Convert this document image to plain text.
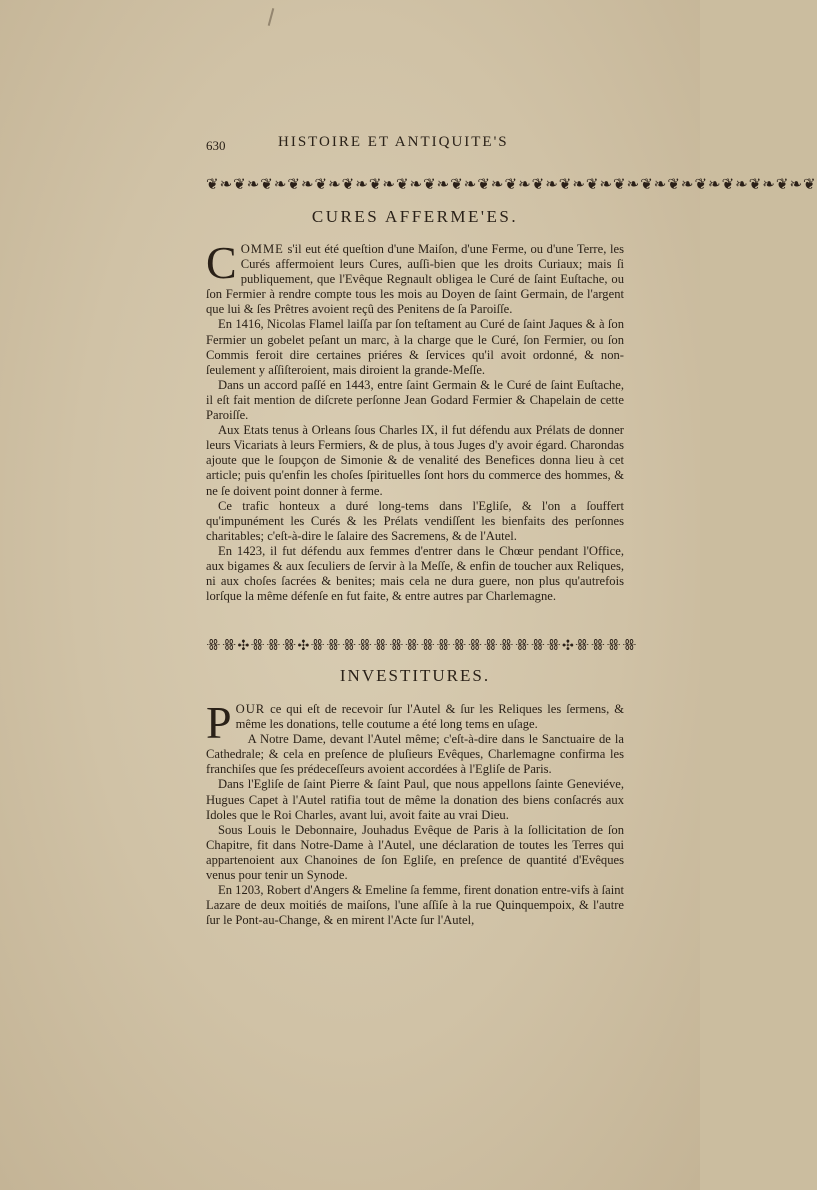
630	HISTOIRE ET ANTIQUITE'S
❦❧❦❧❦❧❦❧❦❧❦❧❦❧❦❧❦❧❦❧❦❧❦❧❦❧❦❧❦❧❦❧❦❧❦❧❦❧❦❧❦❧❦❧❦
CURES AFFERME'ES.

COMME s'il eut été queſtion d'une Maiſon, d'une Ferme, ou d'une Terre, les Curés affermoient leurs Cures, auſſi-bien que les droits Curiaux; mais ſi publiquement, que l'Evêque Regnault obligea le Curé de ſaint Euſtache, ou ſon Fermier à rendre compte tous les mois au Doyen de ſaint Germain, de l'argent que lui & ſes Prêtres avoient reçû des Penitens de ſa Paroiſſe.

En 1416, Nicolas Flamel laiſſa par ſon teſtament au Curé de ſaint Jaques & à ſon Fermier un gobelet peſant un marc, à la charge que le Curé, ſon Fermier, ou ſon Commis feroit dire certaines priéres & ſervices qu'il avoit ordonné, & non-ſeulement y aſſiſteroient, mais diroient la grande-Meſſe.

Dans un accord paſſé en 1443, entre ſaint Germain & le Curé de ſaint Euſtache, il eſt fait mention de diſcrete perſonne Jean Godard Fermier & Chapelain de cette Paroiſſe.

Aux Etats tenus à Orleans ſous Charles IX, il fut défendu aux Prélats de donner leurs Vicariats à leurs Fermiers, & de plus, à tous Juges d'y avoir égard. Charondas ajoute que le ſoupçon de Simonie & de venalité des Benefices donna lieu à cet article; puis qu'enfin les choſes ſpirituelles ſont hors du commerce des hommes, & ne ſe doivent point donner à ferme.

Ce trafic honteux a duré long-tems dans l'Egliſe, & l'on a ſouffert qu'impunément les Curés & les Prélats vendiſſent les bienfaits des perſonnes charitables; c'eſt-à-dire le ſalaire des Sacremens, & de l'Autel.

En 1423, il fut défendu aux femmes d'entrer dans le Chœur pendant l'Office, aux bigames & aux ſeculiers de ſervir à la Meſſe, & enfin de toucher aux Reliques, ni aux choſes ſacrées & benites; mais cela ne dura guere, non plus qu'autrefois lorſque la même défenſe en fut faite, & entre autres par Charlemagne.

ꗥꗥ✣ꗥꗥꗥ✣ꗥꗥꗥꗥꗥꗥꗥꗥꗥꗥꗥꗥꗥꗥꗥꗥ✣ꗥꗥꗥꗥ
INVESTITURES.

POUR ce qui eſt de recevoir ſur l'Autel & ſur les Reliques les ſermens, & même les donations, telle coutume a été long tems en uſage.

A Notre Dame, devant l'Autel même; c'eſt-à-dire dans le Sanctuaire de la Cathedrale; & cela en preſence de pluſieurs Evêques, Charlemagne confirma les franchiſes que ſes prédeceſſeurs avoient accordées à l'Egliſe de Paris.

Dans l'Egliſe de ſaint Pierre & ſaint Paul, que nous appellons ſainte Geneviéve, Hugues Capet à l'Autel ratifia tout de même la donation des biens conſacrés aux Idoles que le Roi Charles, avant lui, avoit faite au vrai Dieu.

Sous Louis le Debonnaire, Jouhadus Evêque de Paris à la ſollicitation de ſon Chapitre, fit dans Notre-Dame à l'Autel, une déclaration de toutes les Terres qui appartenoient aux Chanoines de ſon Egliſe, en preſence de quantité d'Evêques venus pour tenir un Synode.

En 1203, Robert d'Angers & Emeline ſa femme, firent donation entre-vifs à ſaint Lazare de deux moitiés de maiſons, l'une aſſiſe à la rue Quinquempoix, & l'autre ſur le Pont-au-Change, & en mirent l'Acte ſur l'Autel,
